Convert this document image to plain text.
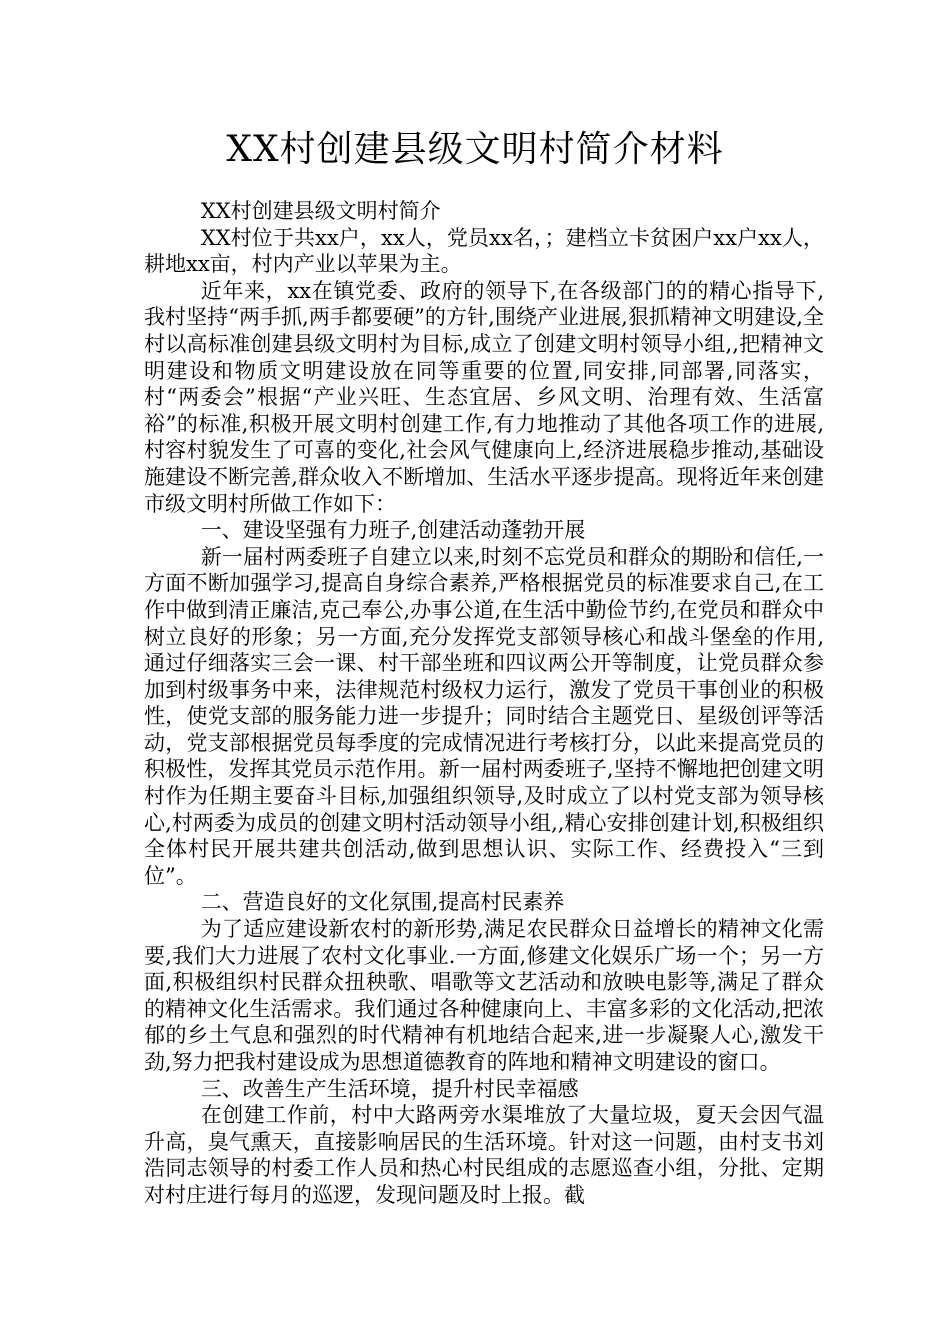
XX村创建县级文明村简介材料

XX村创建县级文明村简介

XX村位于共xx户，xx人，党员xx名，；建档立卡贫困户xx户xx人，耕地xx亩，村内产业以苹果为主。

近年来，xx在镇党委、政府的领导下,在各级部门的的精心指导下,我村坚持“两手抓,两手都要硬”的方针,围绕产业进展,狠抓精神文明建设,全村以高标准创建县级文明村为目标,成立了创建文明村领导小组,,把精神文明建设和物质文明建设放在同等重要的位置,同安排,同部署,同落实，村“两委会”根据“产业兴旺、生态宜居、乡风文明、治理有效、生活富裕”的标准,积极开展文明村创建工作,有力地推动了其他各项工作的进展,村容村貌发生了可喜的变化,社会风气健康向上,经济进展稳步推动,基础设施建设不断完善,群众收入不断增加、生活水平逐步提高。现将近年来创建市级文明村所做工作如下：

一、建设坚强有力班子,创建活动蓬勃开展

新一届村两委班子自建立以来,时刻不忘党员和群众的期盼和信任,一方面不断加强学习,提高自身综合素养,严格根据党员的标准要求自己,在工作中做到清正廉洁,克己奉公,办事公道,在生活中勤俭节约,在党员和群众中树立良好的形象；另一方面,充分发挥党支部领导核心和战斗堡垒的作用,通过仔细落实三会一课、村干部坐班和四议两公开等制度，让党员群众参加到村级事务中来，法律规范村级权力运行，激发了党员干事创业的积极性，使党支部的服务能力进一步提升；同时结合主题党日、星级创评等活动，党支部根据党员每季度的完成情况进行考核打分，以此来提高党员的积极性，发挥其党员示范作用。新一届村两委班子,坚持不懈地把创建文明村作为任期主要奋斗目标,加强组织领导,及时成立了以村党支部为领导核心,村两委为成员的创建文明村活动领导小组,,精心安排创建计划,积极组织全体村民开展共建共创活动,做到思想认识、实际工作、经费投入“三到位”。

二、营造良好的文化氛围,提高村民素养

为了适应建设新农村的新形势,满足农民群众日益增长的精神文化需要,我们大力进展了农村文化事业.一方面,修建文化娱乐广场一个；另一方面,积极组织村民群众扭秧歌、唱歌等文艺活动和放映电影等,满足了群众的精神文化生活需求。我们通过各种健康向上、丰富多彩的文化活动,把浓郁的乡土气息和强烈的时代精神有机地结合起来,进一步凝聚人心,激发干劲,努力把我村建设成为思想道德教育的阵地和精神文明建设的窗口。

三、改善生产生活环境，提升村民幸福感

在创建工作前，村中大路两旁水渠堆放了大量垃圾，夏天会因气温升高，臭气熏天，直接影响居民的生活环境。针对这一问题，由村支书刘浩同志领导的村委工作人员和热心村民组成的志愿巡查小组，分批、定期对村庄进行每月的巡逻，发现问题及时上报。截
